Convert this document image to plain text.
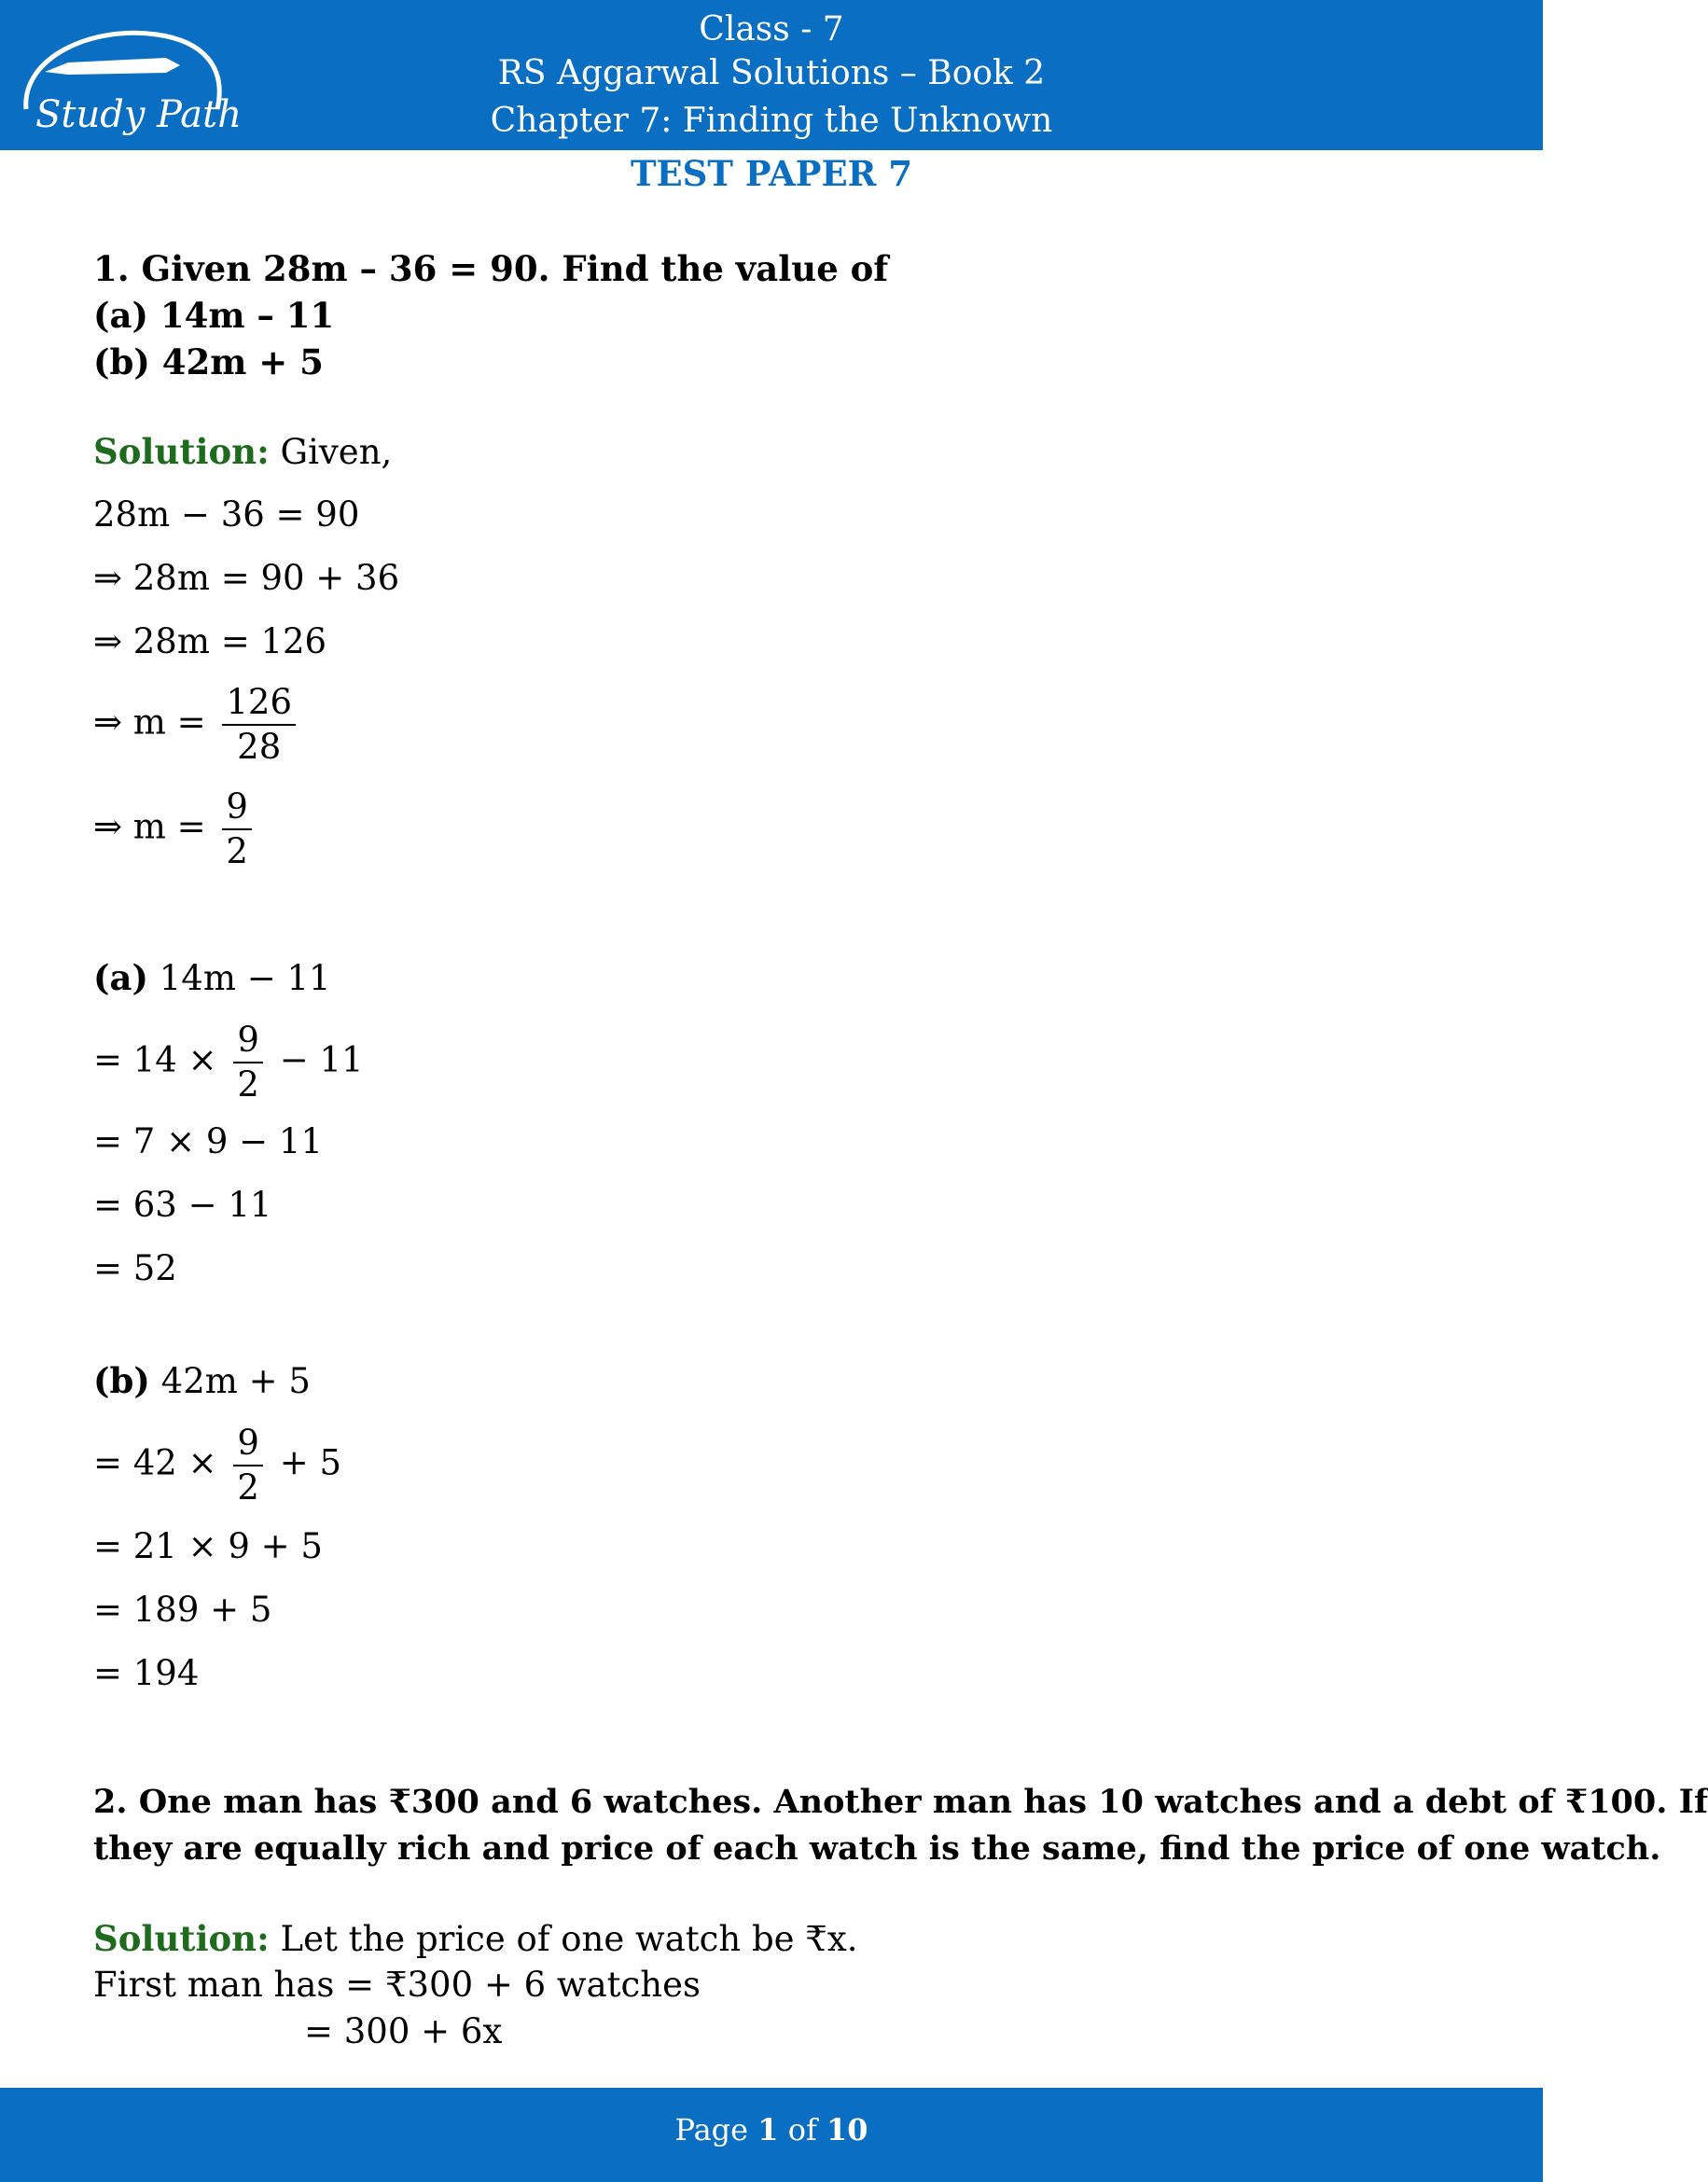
Study Path
Class - 7
RS Aggarwal Solutions – Book 2
Chapter 7: Finding the Unknown
TEST PAPER 7
1. Given 28m – 36 = 90. Find the value of
(a) 14m – 11
(b) 42m + 5
Solution: Given,
28m − 36 = 90
⇒ 28m = 90 + 36
⇒ 28m = 126
⇒ $m = \frac{126}{28}$
⇒ $m = \frac{9}{2}$
(a) 14m − 11
= $14 \times \frac{9}{2} - 11$
= 7 × 9 − 11
= 63 − 11
= 52
(b) 42m + 5
= $42 \times \frac{9}{2} + 5$
= 21 × 9 + 5
= 189 + 5
= 194
2. One man has ₹300 and 6 watches. Another man has 10 watches and a debt of ₹100. If
they are equally rich and price of each watch is the same, find the price of one watch.
Solution: Let the price of one watch be ₹x.
First man has = ₹300 + 6 watches
= 300 + 6x
Page 1 of 10
